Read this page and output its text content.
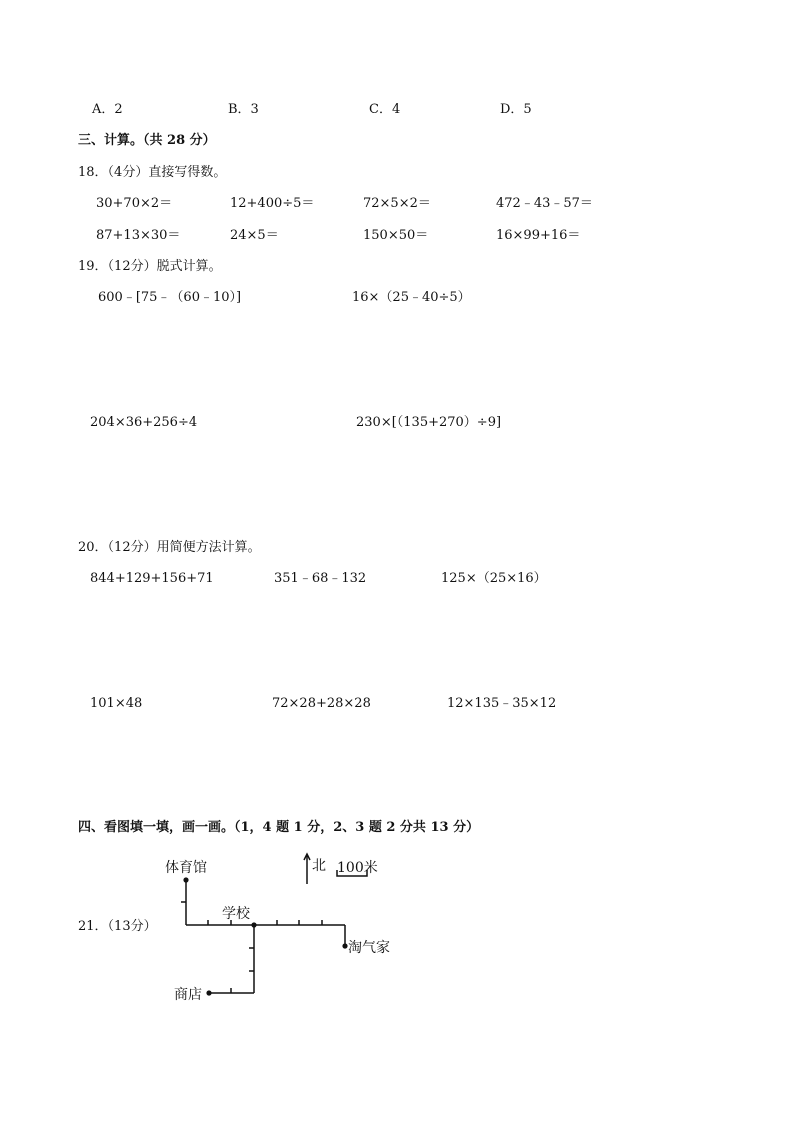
A．2	B．3	C．4	D．5
三、计算。（共 28 分）
18．（4分）直接写得数。
30+70×2＝	12+400÷5＝	72×5×2＝	472﹣43﹣57＝
87+13×30＝	24×5＝	150×50＝	16×99+16＝
19．（12分）脱式计算。
600﹣[75﹣（60﹣10）]	16×（25﹣40÷5）
204×36+256÷4	230×[（135+270）÷9]
20．（12分）用简便方法计算。
844+129+156+71	351﹣68﹣132	125×（25×16）
101×48	72×28+28×28	12×135﹣35×12
四、看图填一填，画一画。（1，4 题 1 分，2、3 题 2 分共 13 分）
21．（13分）
体育馆
学校
淘气家
商店
北 100米
